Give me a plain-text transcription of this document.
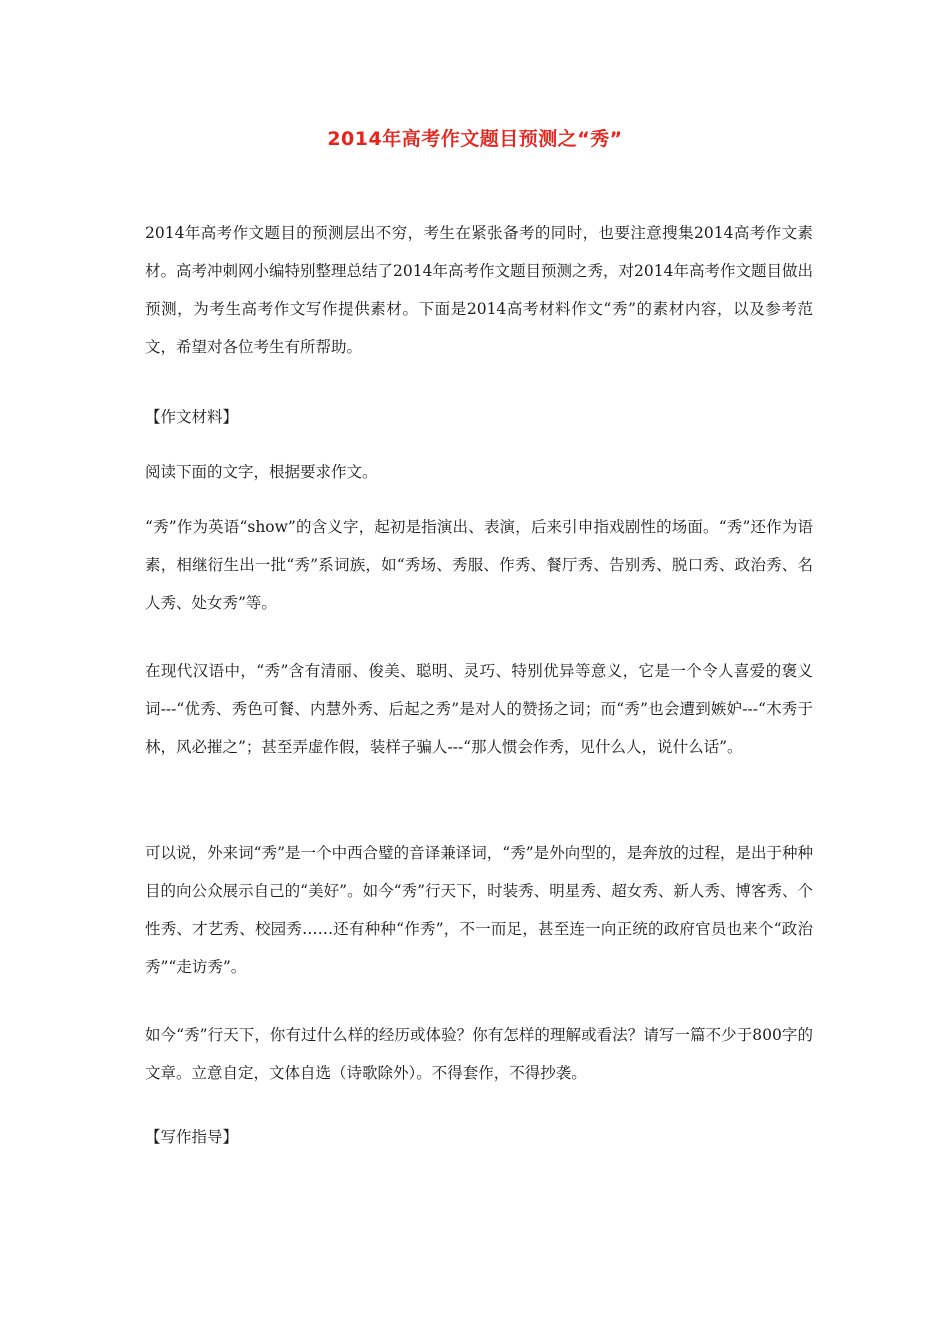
2014年高考作文题目预测之“秀”

2014年高考作文题目的预测层出不穷，考生在紧张备考的同时，也要注意搜集2014高考作文素材。高考冲刺网小编特别整理总结了2014年高考作文题目预测之秀，对2014年高考作文题目做出预测，为考生高考作文写作提供素材。下面是2014高考材料作文“秀”的素材内容，以及参考范文，希望对各位考生有所帮助。

【作文材料】

阅读下面的文字，根据要求作文。

“秀”作为英语“show”的含义字，起初是指演出、表演，后来引申指戏剧性的场面。“秀”还作为语素，相继衍生出一批“秀”系词族，如“秀场、秀服、作秀、餐厅秀、告别秀、脱口秀、政治秀、名人秀、处女秀”等。

在现代汉语中，“秀”含有清丽、俊美、聪明、灵巧、特别优异等意义，它是一个令人喜爱的褒义词---“优秀、秀色可餐、内慧外秀、后起之秀”是对人的赞扬之词；而“秀”也会遭到嫉妒---“木秀于林，风必摧之”；甚至弄虚作假，装样子骗人---“那人惯会作秀，见什么人，说什么话”。

可以说，外来词“秀”是一个中西合璧的音译兼译词，“秀”是外向型的，是奔放的过程，是出于种种目的向公众展示自己的“美好”。如今“秀”行天下，时装秀、明星秀、超女秀、新人秀、博客秀、个性秀、才艺秀、校园秀……还有种种“作秀”，不一而足，甚至连一向正统的政府官员也来个“政治秀”“走访秀”。

如今“秀”行天下，你有过什么样的经历或体验？你有怎样的理解或看法？请写一篇不少于800字的文章。立意自定，文体自选（诗歌除外）。不得套作，不得抄袭。

【写作指导】
